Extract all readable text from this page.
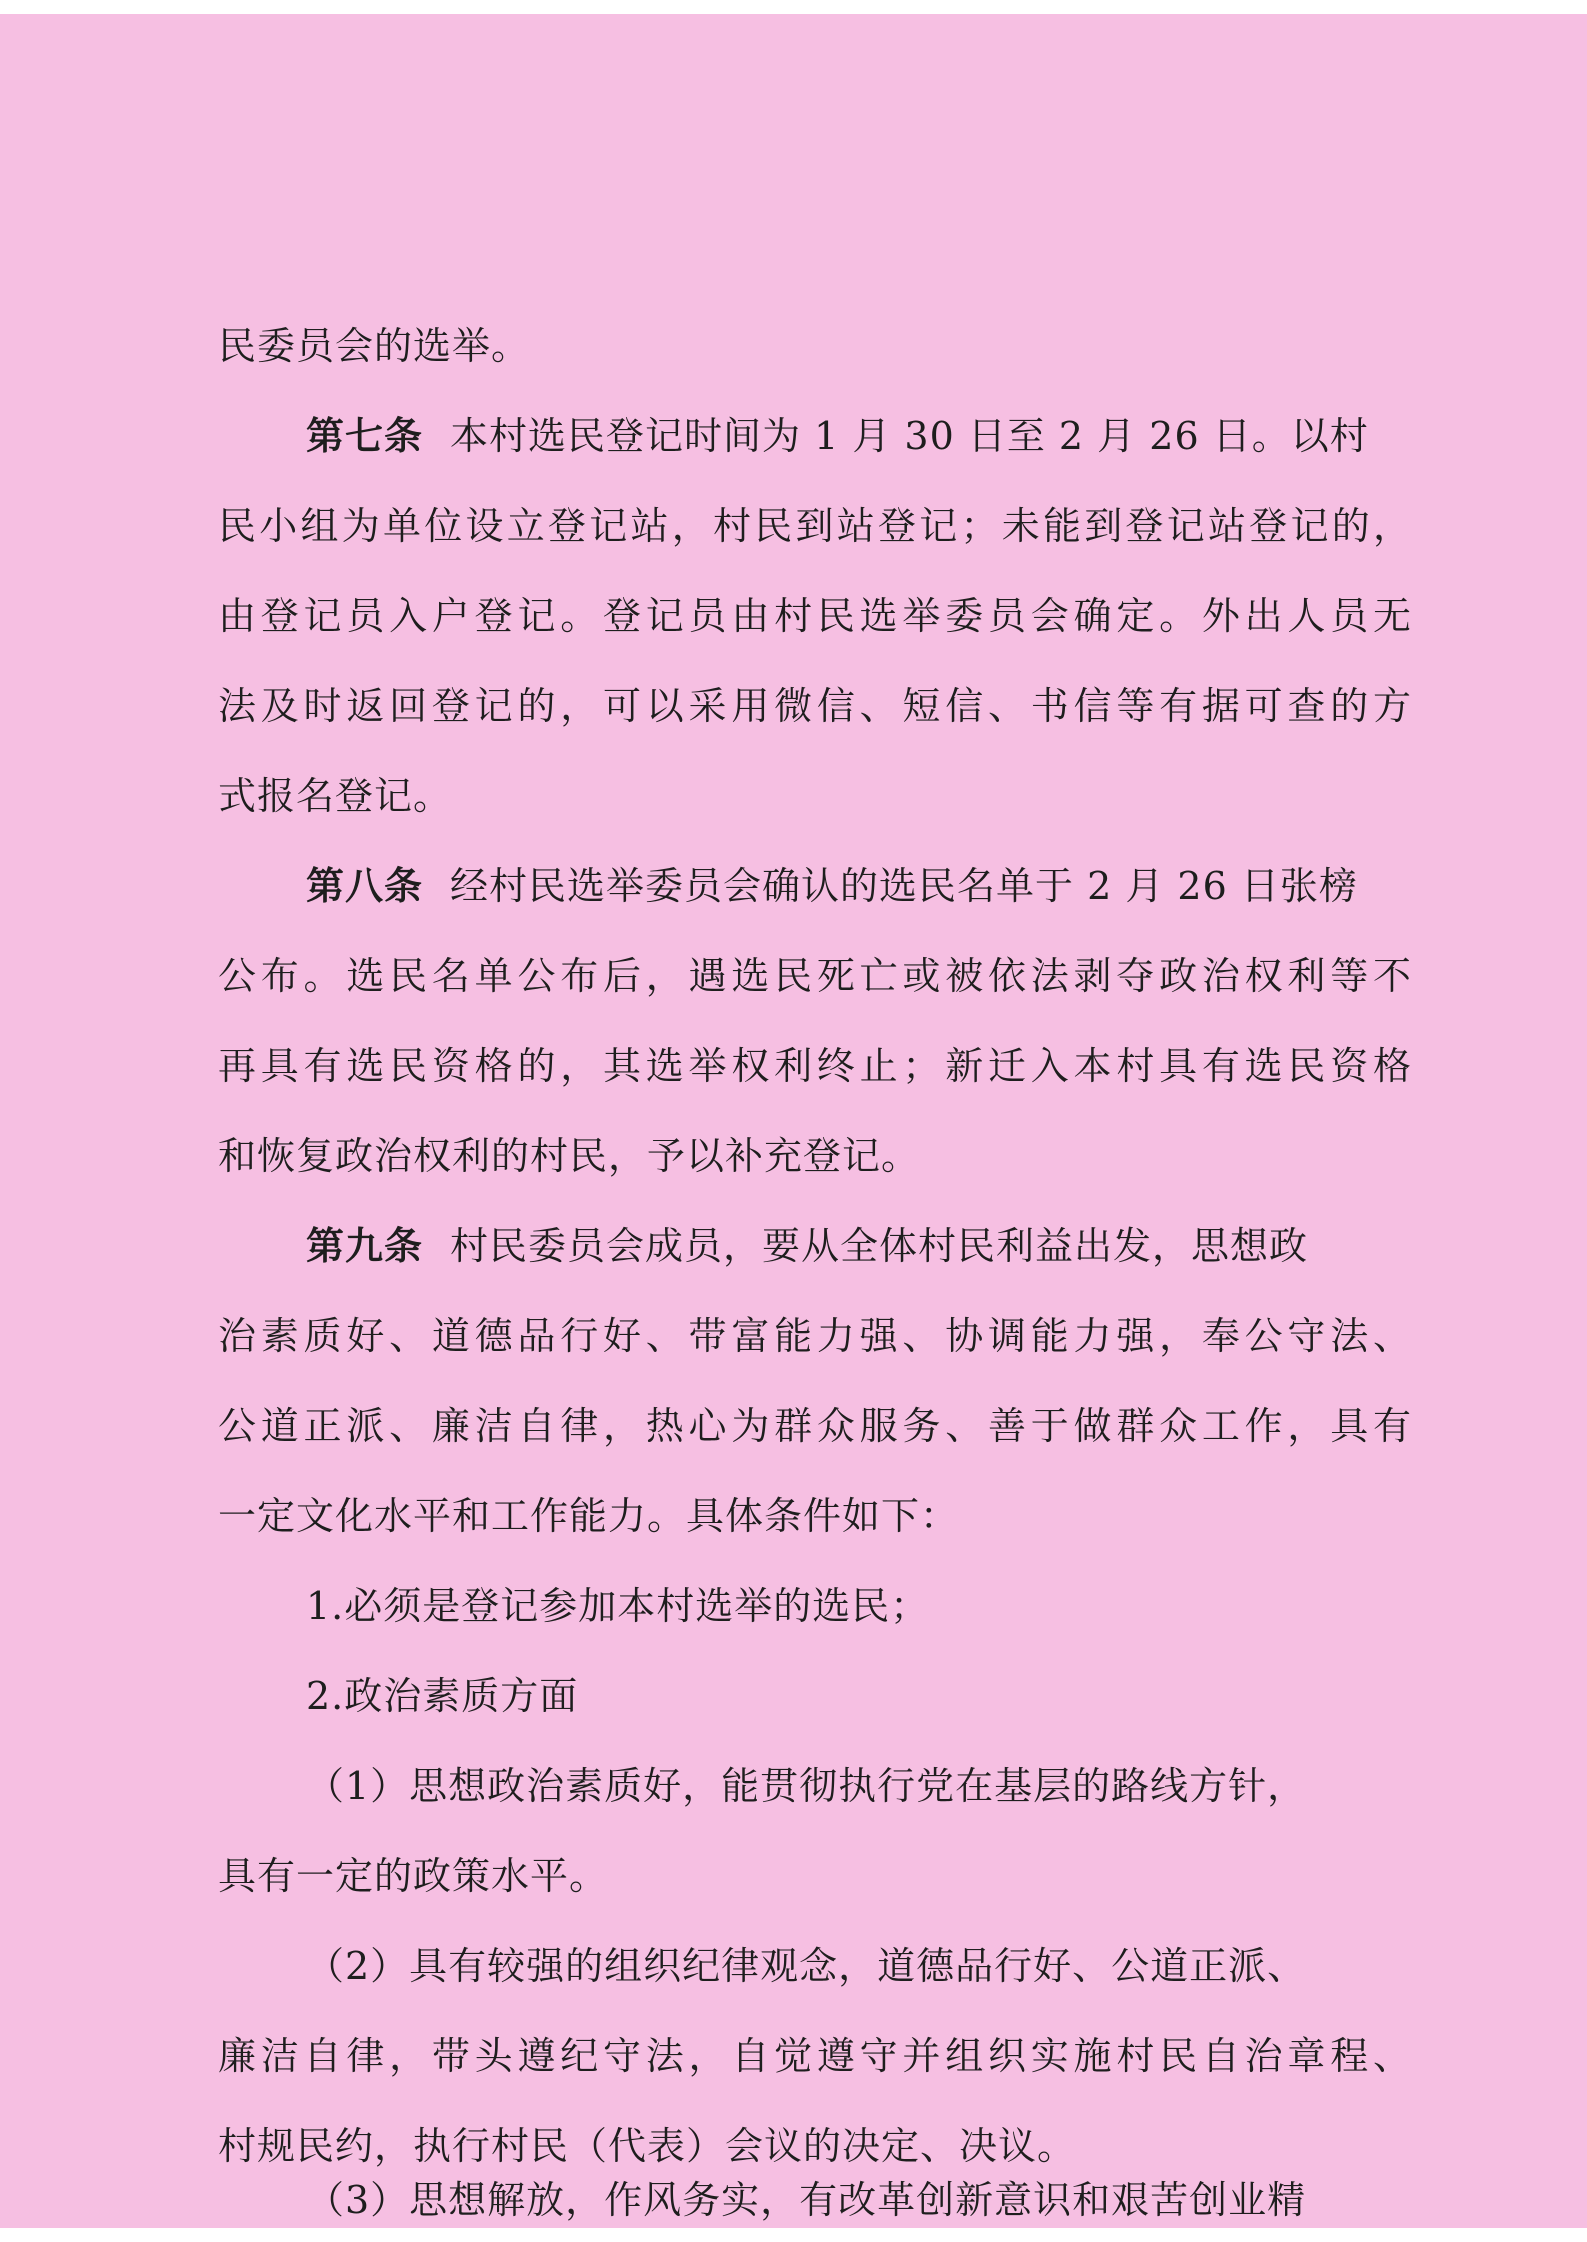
民委员会的选举。
第七条 本村选民登记时间为 1 月 30 日至 2 月 26 日。以村
民小组为单位设立登记站，村民到站登记；未能到登记站登记的，
由登记员入户登记。登记员由村民选举委员会确定。外出人员无
法及时返回登记的，可以采用微信、短信、书信等有据可查的方
式报名登记。
第八条 经村民选举委员会确认的选民名单于 2 月 26 日张榜
公布。选民名单公布后，遇选民死亡或被依法剥夺政治权利等不
再具有选民资格的，其选举权利终止；新迁入本村具有选民资格
和恢复政治权利的村民，予以补充登记。
第九条 村民委员会成员，要从全体村民利益出发，思想政
治素质好、道德品行好、带富能力强、协调能力强，奉公守法、
公道正派、廉洁自律，热心为群众服务、善于做群众工作，具有
一定文化水平和工作能力。具体条件如下：
1.必须是登记参加本村选举的选民；
2.政治素质方面
（1）思想政治素质好，能贯彻执行党在基层的路线方针，
具有一定的政策水平。
（2）具有较强的组织纪律观念，道德品行好、公道正派、
廉洁自律，带头遵纪守法，自觉遵守并组织实施村民自治章程、
村规民约，执行村民（代表）会议的决定、决议。
（3）思想解放，作风务实，有改革创新意识和艰苦创业精
